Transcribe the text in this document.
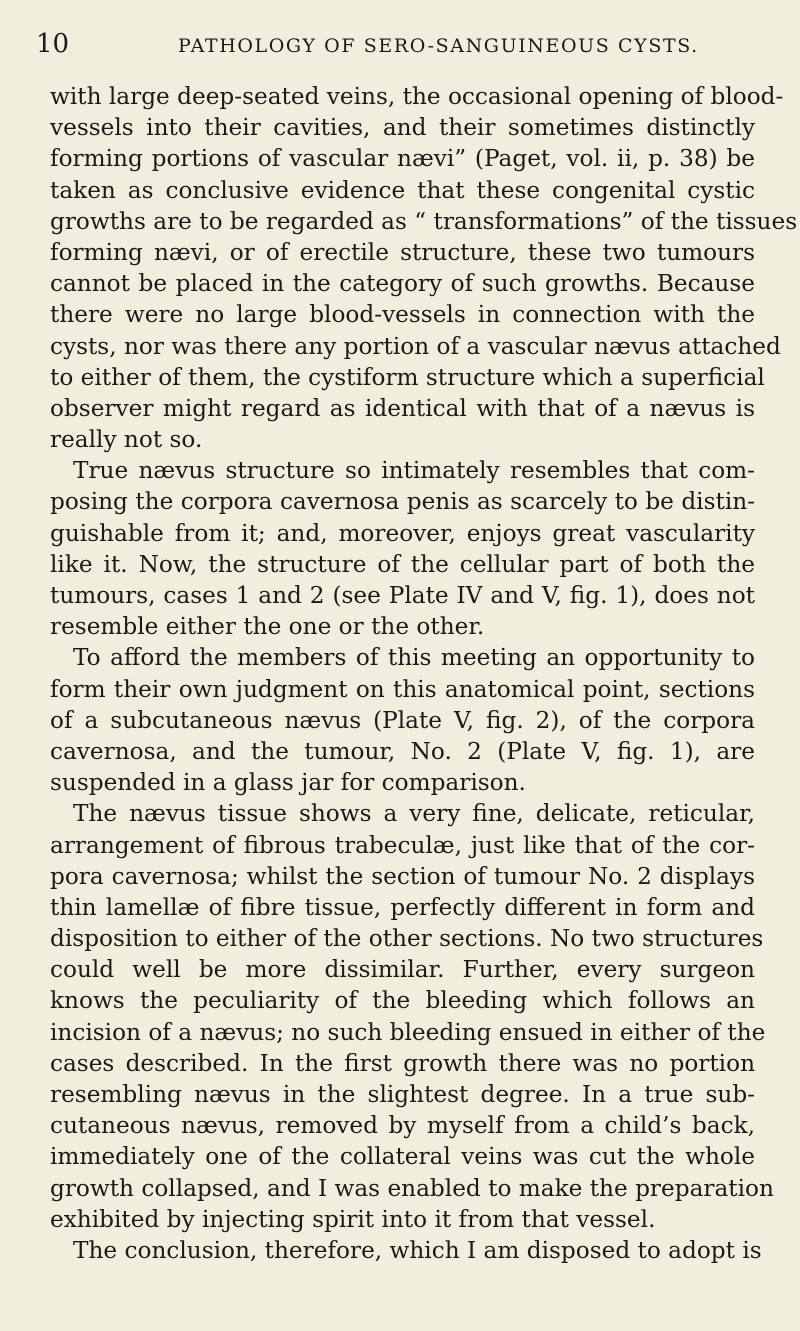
10	PATHOLOGY OF SERO-SANGUINEOUS CYSTS.
with large deep-seated veins, the occasional opening of blood-
vessels into their cavities, and their sometimes distinctly
forming portions of vascular nævi” (Paget, vol. ii, p. 38) be
taken as conclusive evidence that these congenital cystic
growths are to be regarded as “ transformations” of the tissues
forming nævi, or of erectile structure, these two tumours
cannot be placed in the category of such growths. Because
there were no large blood-vessels in connection with the
cysts, nor was there any portion of a vascular nævus attached
to either of them, the cystiform structure which a superficial
observer might regard as identical with that of a nævus is
really not so.
True nævus structure so intimately resembles that com-
posing the corpora cavernosa penis as scarcely to be distin-
guishable from it; and, moreover, enjoys great vascularity
like it. Now, the structure of the cellular part of both the
tumours, cases 1 and 2 (see Plate IV and V, fig. 1), does not
resemble either the one or the other.
To afford the members of this meeting an opportunity to
form their own judgment on this anatomical point, sections
of a subcutaneous nævus (Plate V, fig. 2), of the corpora
cavernosa, and the tumour, No. 2 (Plate V, fig. 1), are
suspended in a glass jar for comparison.
The nævus tissue shows a very fine, delicate, reticular,
arrangement of fibrous trabeculæ, just like that of the cor-
pora cavernosa; whilst the section of tumour No. 2 displays
thin lamellæ of fibre tissue, perfectly different in form and
disposition to either of the other sections. No two structures
could well be more dissimilar. Further, every surgeon
knows the peculiarity of the bleeding which follows an
incision of a nævus; no such bleeding ensued in either of the
cases described. In the first growth there was no portion
resembling nævus in the slightest degree. In a true sub-
cutaneous nævus, removed by myself from a child’s back,
immediately one of the collateral veins was cut the whole
growth collapsed, and I was enabled to make the preparation
exhibited by injecting spirit into it from that vessel.
The conclusion, therefore, which I am disposed to adopt is
